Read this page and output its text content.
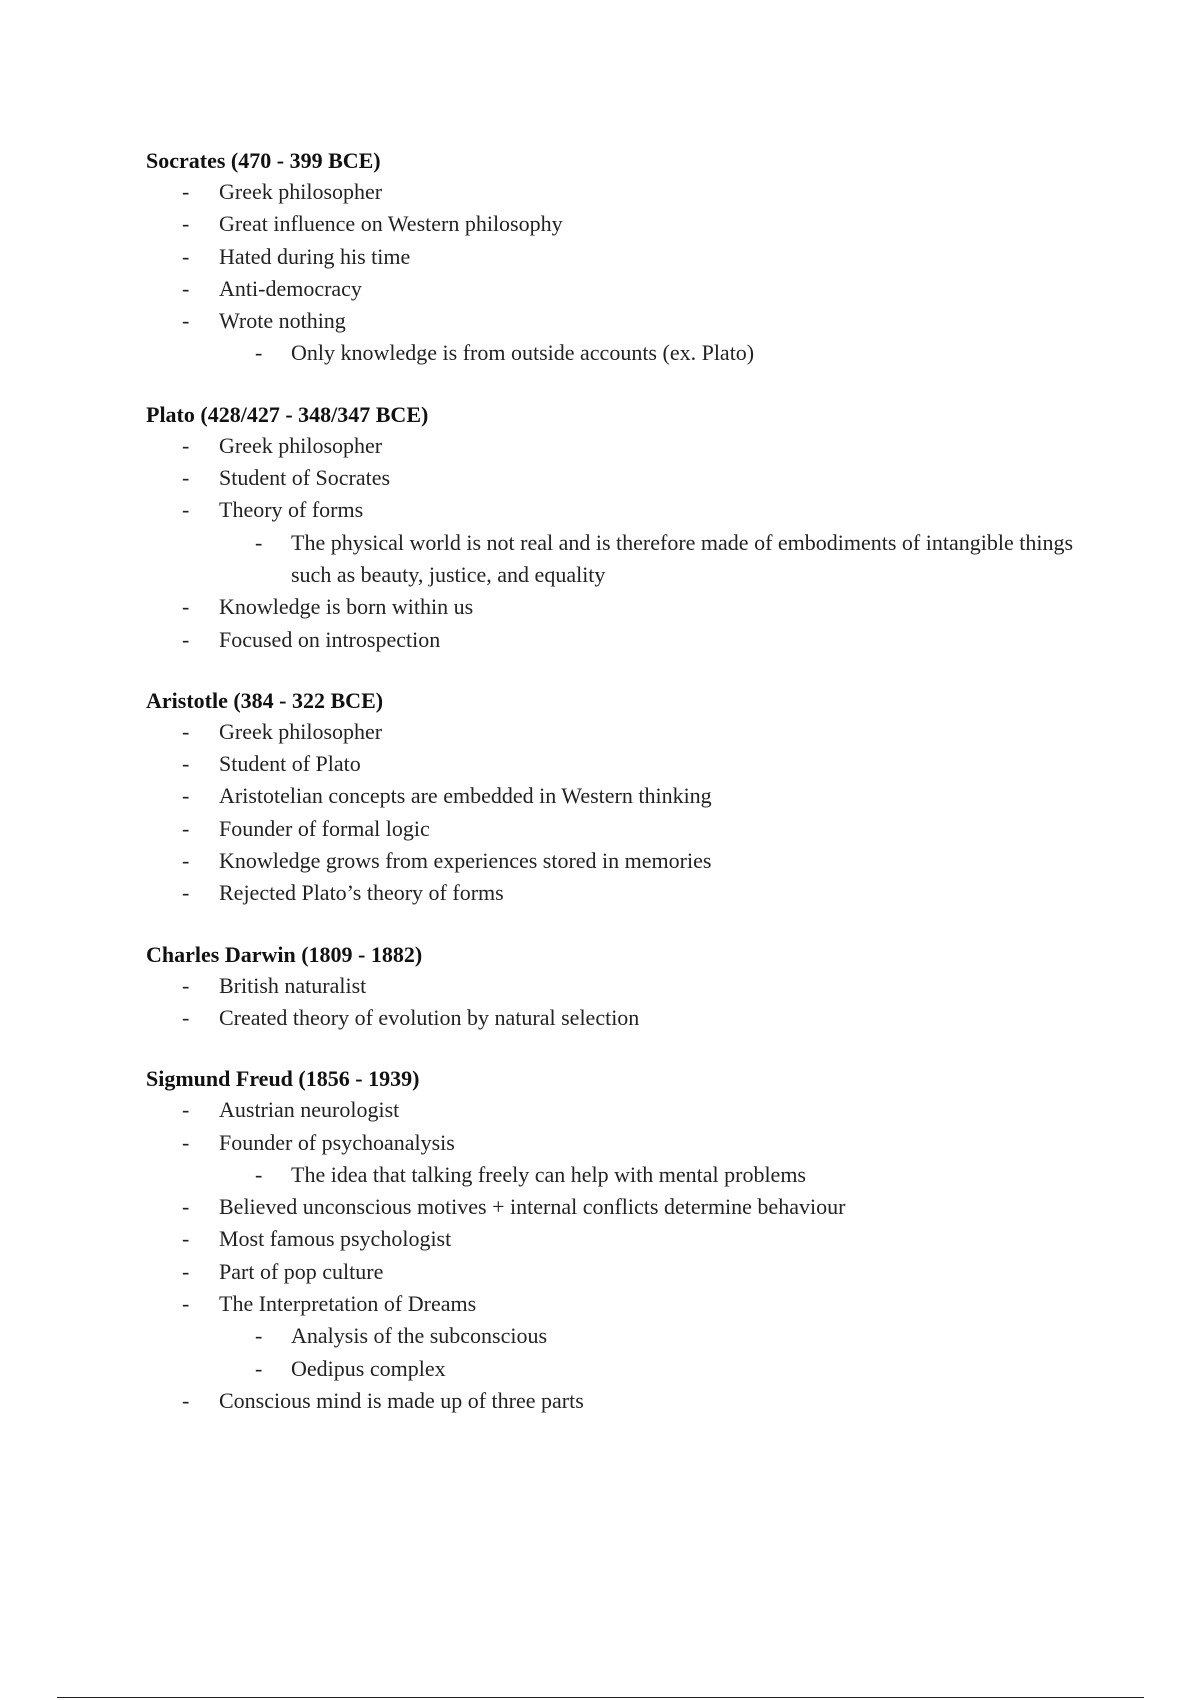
Socrates (470 - 399 BCE)

- Greek philosopher
- Great influence on Western philosophy
- Hated during his time
- Anti-democracy
- Wrote nothing
- Only knowledge is from outside accounts (ex. Plato)

Plato (428/427 - 348/347 BCE)

- Greek philosopher
- Student of Socrates
- Theory of forms
- The physical world is not real and is therefore made of embodiments of intangible things such as beauty, justice, and equality
- Knowledge is born within us
- Focused on introspection

Aristotle (384 - 322 BCE)

- Greek philosopher
- Student of Plato
- Aristotelian concepts are embedded in Western thinking
- Founder of formal logic
- Knowledge grows from experiences stored in memories
- Rejected Plato’s theory of forms

Charles Darwin (1809 - 1882)

- British naturalist
- Created theory of evolution by natural selection

Sigmund Freud (1856 - 1939)

- Austrian neurologist
- Founder of psychoanalysis
- The idea that talking freely can help with mental problems
- Believed unconscious motives + internal conflicts determine behaviour
- Most famous psychologist
- Part of pop culture
- The Interpretation of Dreams
- Analysis of the subconscious
- Oedipus complex
- Conscious mind is made up of three parts
